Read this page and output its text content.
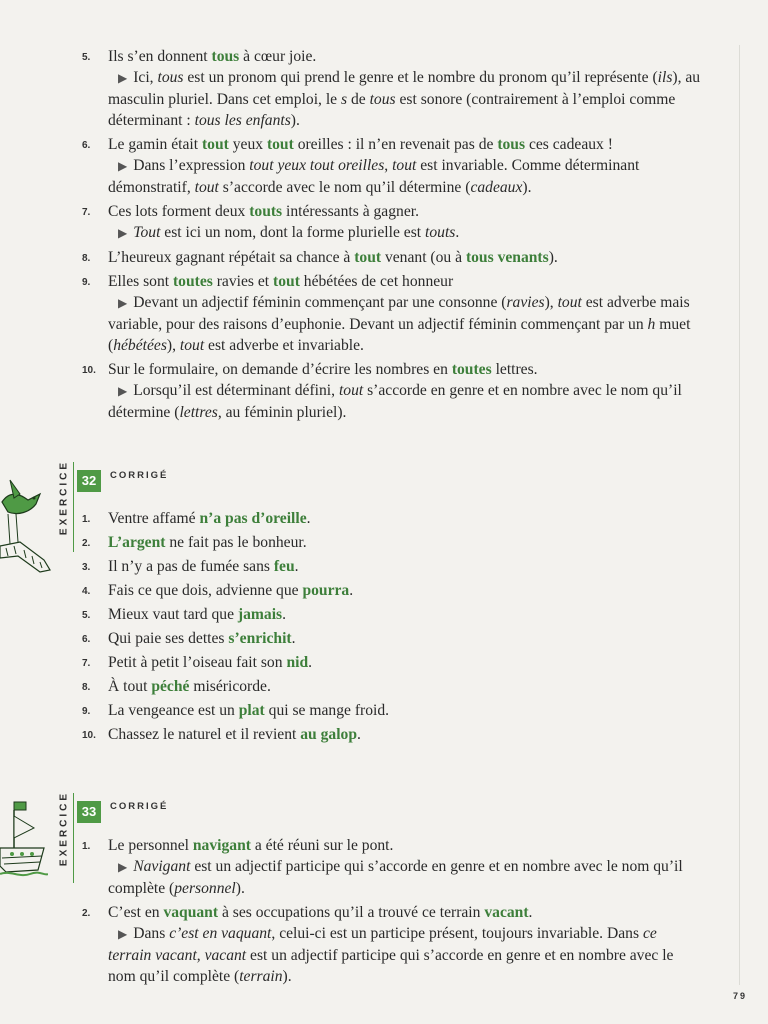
5. Ils s’en donnent tous à cœur joie.
▶ Ici, tous est un pronom qui prend le genre et le nombre du pronom qu’il représente (ils), au masculin pluriel. Dans cet emploi, le s de tous est sonore (contrairement à l’emploi comme déterminant : tous les enfants).
6. Le gamin était tout yeux tout oreilles : il n’en revenait pas de tous ces cadeaux !
▶ Dans l’expression tout yeux tout oreilles, tout est invariable. Comme déterminant démonstratif, tout s’accorde avec le nom qu’il détermine (cadeaux).
7. Ces lots forment deux touts intéressants à gagner.
▶ Tout est ici un nom, dont la forme plurielle est touts.
8. L’heureux gagnant répétait sa chance à tout venant (ou à tous venants).
9. Elles sont toutes ravies et tout hébétées de cet honneur
▶ Devant un adjectif féminin commençant par une consonne (ravies), tout est adverbe mais variable, pour des raisons d’euphonie. Devant un adjectif féminin commençant par un h muet (hébétées), tout est adverbe et invariable.
10. Sur le formulaire, on demande d’écrire les nombres en toutes lettres.
▶ Lorsqu’il est déterminant défini, tout s’accorde en genre et en nombre avec le nom qu’il détermine (lettres, au féminin pluriel).
EXERCICE 32	CORRIGÉ
1. Ventre affamé n’a pas d’oreille.
2. L’argent ne fait pas le bonheur.
3. Il n’y a pas de fumée sans feu.
4. Fais ce que dois, advienne que pourra.
5. Mieux vaut tard que jamais.
6. Qui paie ses dettes s’enrichit.
7. Petit à petit l’oiseau fait son nid.
8. À tout péché miséricorde.
9. La vengeance est un plat qui se mange froid.
10. Chassez le naturel et il revient au galop.
EXERCICE 33	CORRIGÉ
1. Le personnel navigant a été réuni sur le pont.
▶ Navigant est un adjectif participe qui s’accorde en genre et en nombre avec le nom qu’il complète (personnel).
2. C’est en vaquant à ses occupations qu’il a trouvé ce terrain vacant.
▶ Dans c’est en vaquant, celui-ci est un participe présent, toujours invariable. Dans ce terrain vacant, vacant est un adjectif participe qui s’accorde en genre et en nombre avec le nom qu’il complète (terrain).
79
